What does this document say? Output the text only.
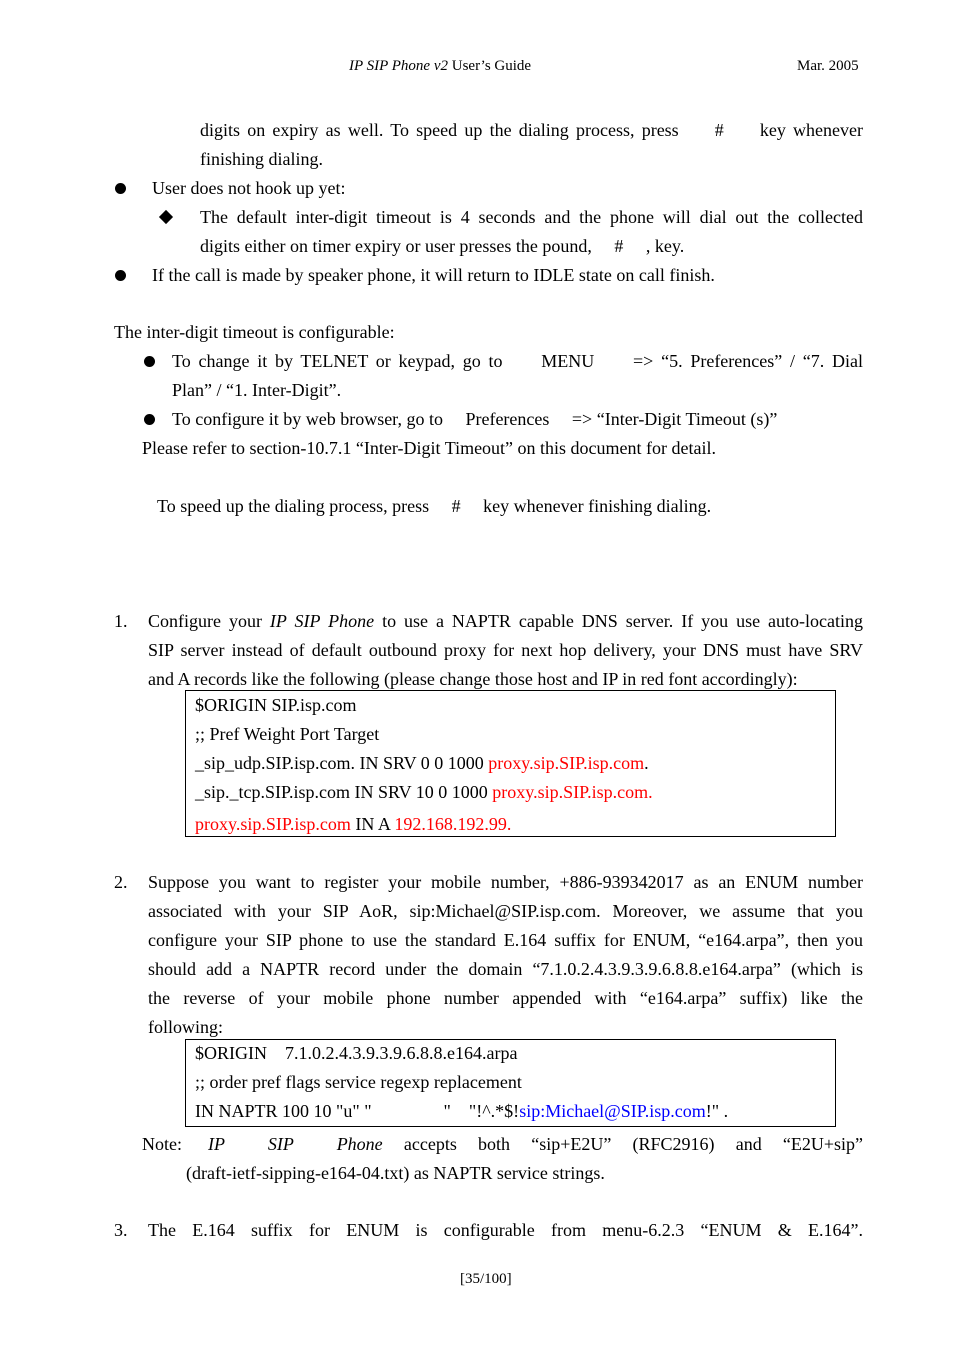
IP SIP Phone v2 User’s Guide	Mar. 2005
digits on expiry as well. To speed up the dialing process, press     #     key whenever
finishing dialing.
User does not hook up yet:
The default inter-digit timeout is 4 seconds and the phone will dial out the collected
digits either on timer expiry or user presses the pound,     #     , key.
If the call is made by speaker phone, it will return to IDLE state on call finish.
The inter-digit timeout is configurable:
To change it by TELNET or keypad, go to     MENU     => “5. Preferences” / “7. Dial
Plan” / “1. Inter-Digit”.
To configure it by web browser, go to     Preferences     => “Inter-Digit Timeout (s)”
Please refer to section-10.7.1 “Inter-Digit Timeout” on this document for detail.
To speed up the dialing process, press     #     key whenever finishing dialing.
1. Configure your IP SIP Phone to use a NAPTR capable DNS server. If you use auto-locating
SIP server instead of default outbound proxy for next hop delivery, your DNS must have SRV
and A records like the following (please change those host and IP in red font accordingly):
$ORIGIN SIP.isp.com
;; Pref Weight Port Target
_sip_udp.SIP.isp.com. IN SRV 0 0 1000 proxy.sip.SIP.isp.com.
_sip._tcp.SIP.isp.com IN SRV 10 0 1000 proxy.sip.SIP.isp.com.
proxy.sip.SIP.isp.com IN A 192.168.192.99.
2. Suppose you want to register your mobile number, +886-939342017 as an ENUM number
associated with your SIP AoR, sip:Michael@SIP.isp.com. Moreover, we assume that you
configure your SIP phone to use the standard E.164 suffix for ENUM, “e164.arpa”, then you
should add a NAPTR record under the domain “7.1.0.2.4.3.9.3.9.6.8.8.e164.arpa” (which is
the reverse of your mobile phone number appended with “e164.arpa” suffix) like the
following:
$ORIGIN    7.1.0.2.4.3.9.3.9.6.8.8.e164.arpa
;; order pref flags service regexp replacement
IN NAPTR 100 10 "u" "                "    "!^.*$!sip:Michael@SIP.isp.com!" .
Note: IP SIP Phone accepts both “sip+E2U” (RFC2916) and “E2U+sip”
(draft-ietf-sipping-e164-04.txt) as NAPTR service strings.
3. The E.164 suffix for ENUM is configurable from menu-6.2.3 “ENUM & E.164”.
[35/100]
